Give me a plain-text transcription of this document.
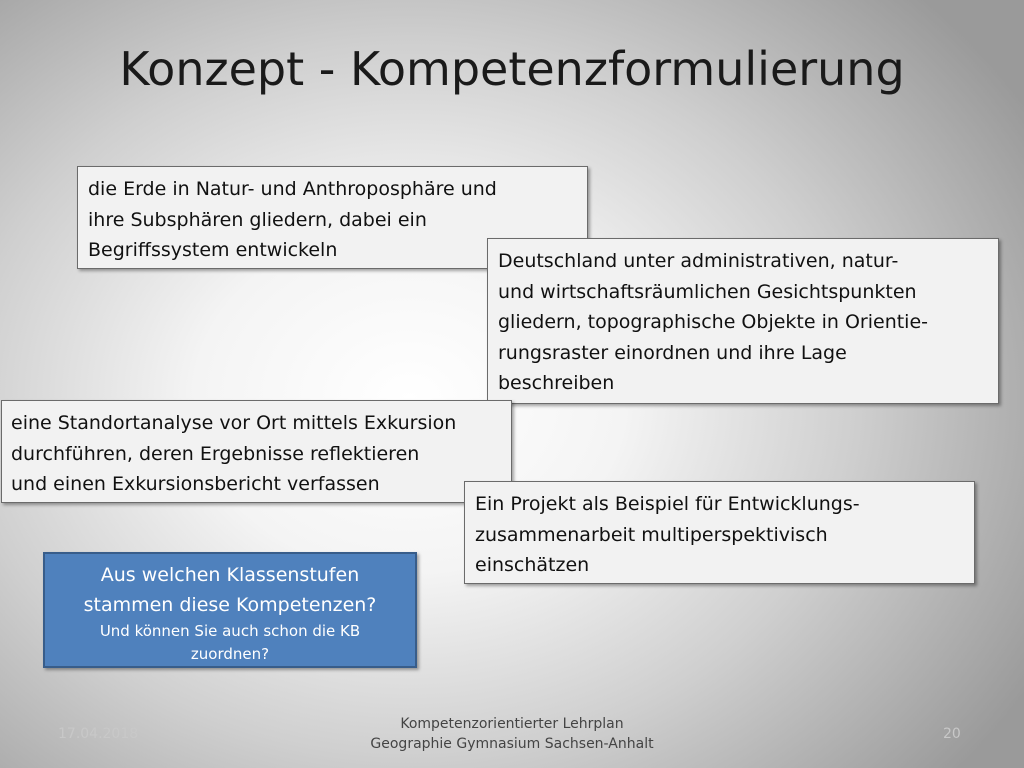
Konzept - Kompetenzformulierung
die Erde in Natur- und Anthroposphäre und
ihre Subsphären gliedern, dabei ein
Begriffssystem entwickeln	Deutschland unter administrativen, natur-
und wirtschaftsräumlichen Gesichtspunkten
gliedern, topographische Objekte in Orientie-
rungsraster einordnen und ihre Lage
beschreiben
eine Standortanalyse vor Ort mittels Exkursion
durchführen, deren Ergebnisse reflektieren
und einen Exkursionsbericht verfassen
Ein Projekt als Beispiel für Entwicklungs-
zusammenarbeit multiperspektivisch
einschätzen
Aus welchen Klassenstufen
stammen diese Kompetenzen?
Und können Sie auch schon die KB
zuordnen?
17.04.2018
Kompetenzorientierter Lehrplan
Geographie Gymnasium Sachsen-Anhalt
20
